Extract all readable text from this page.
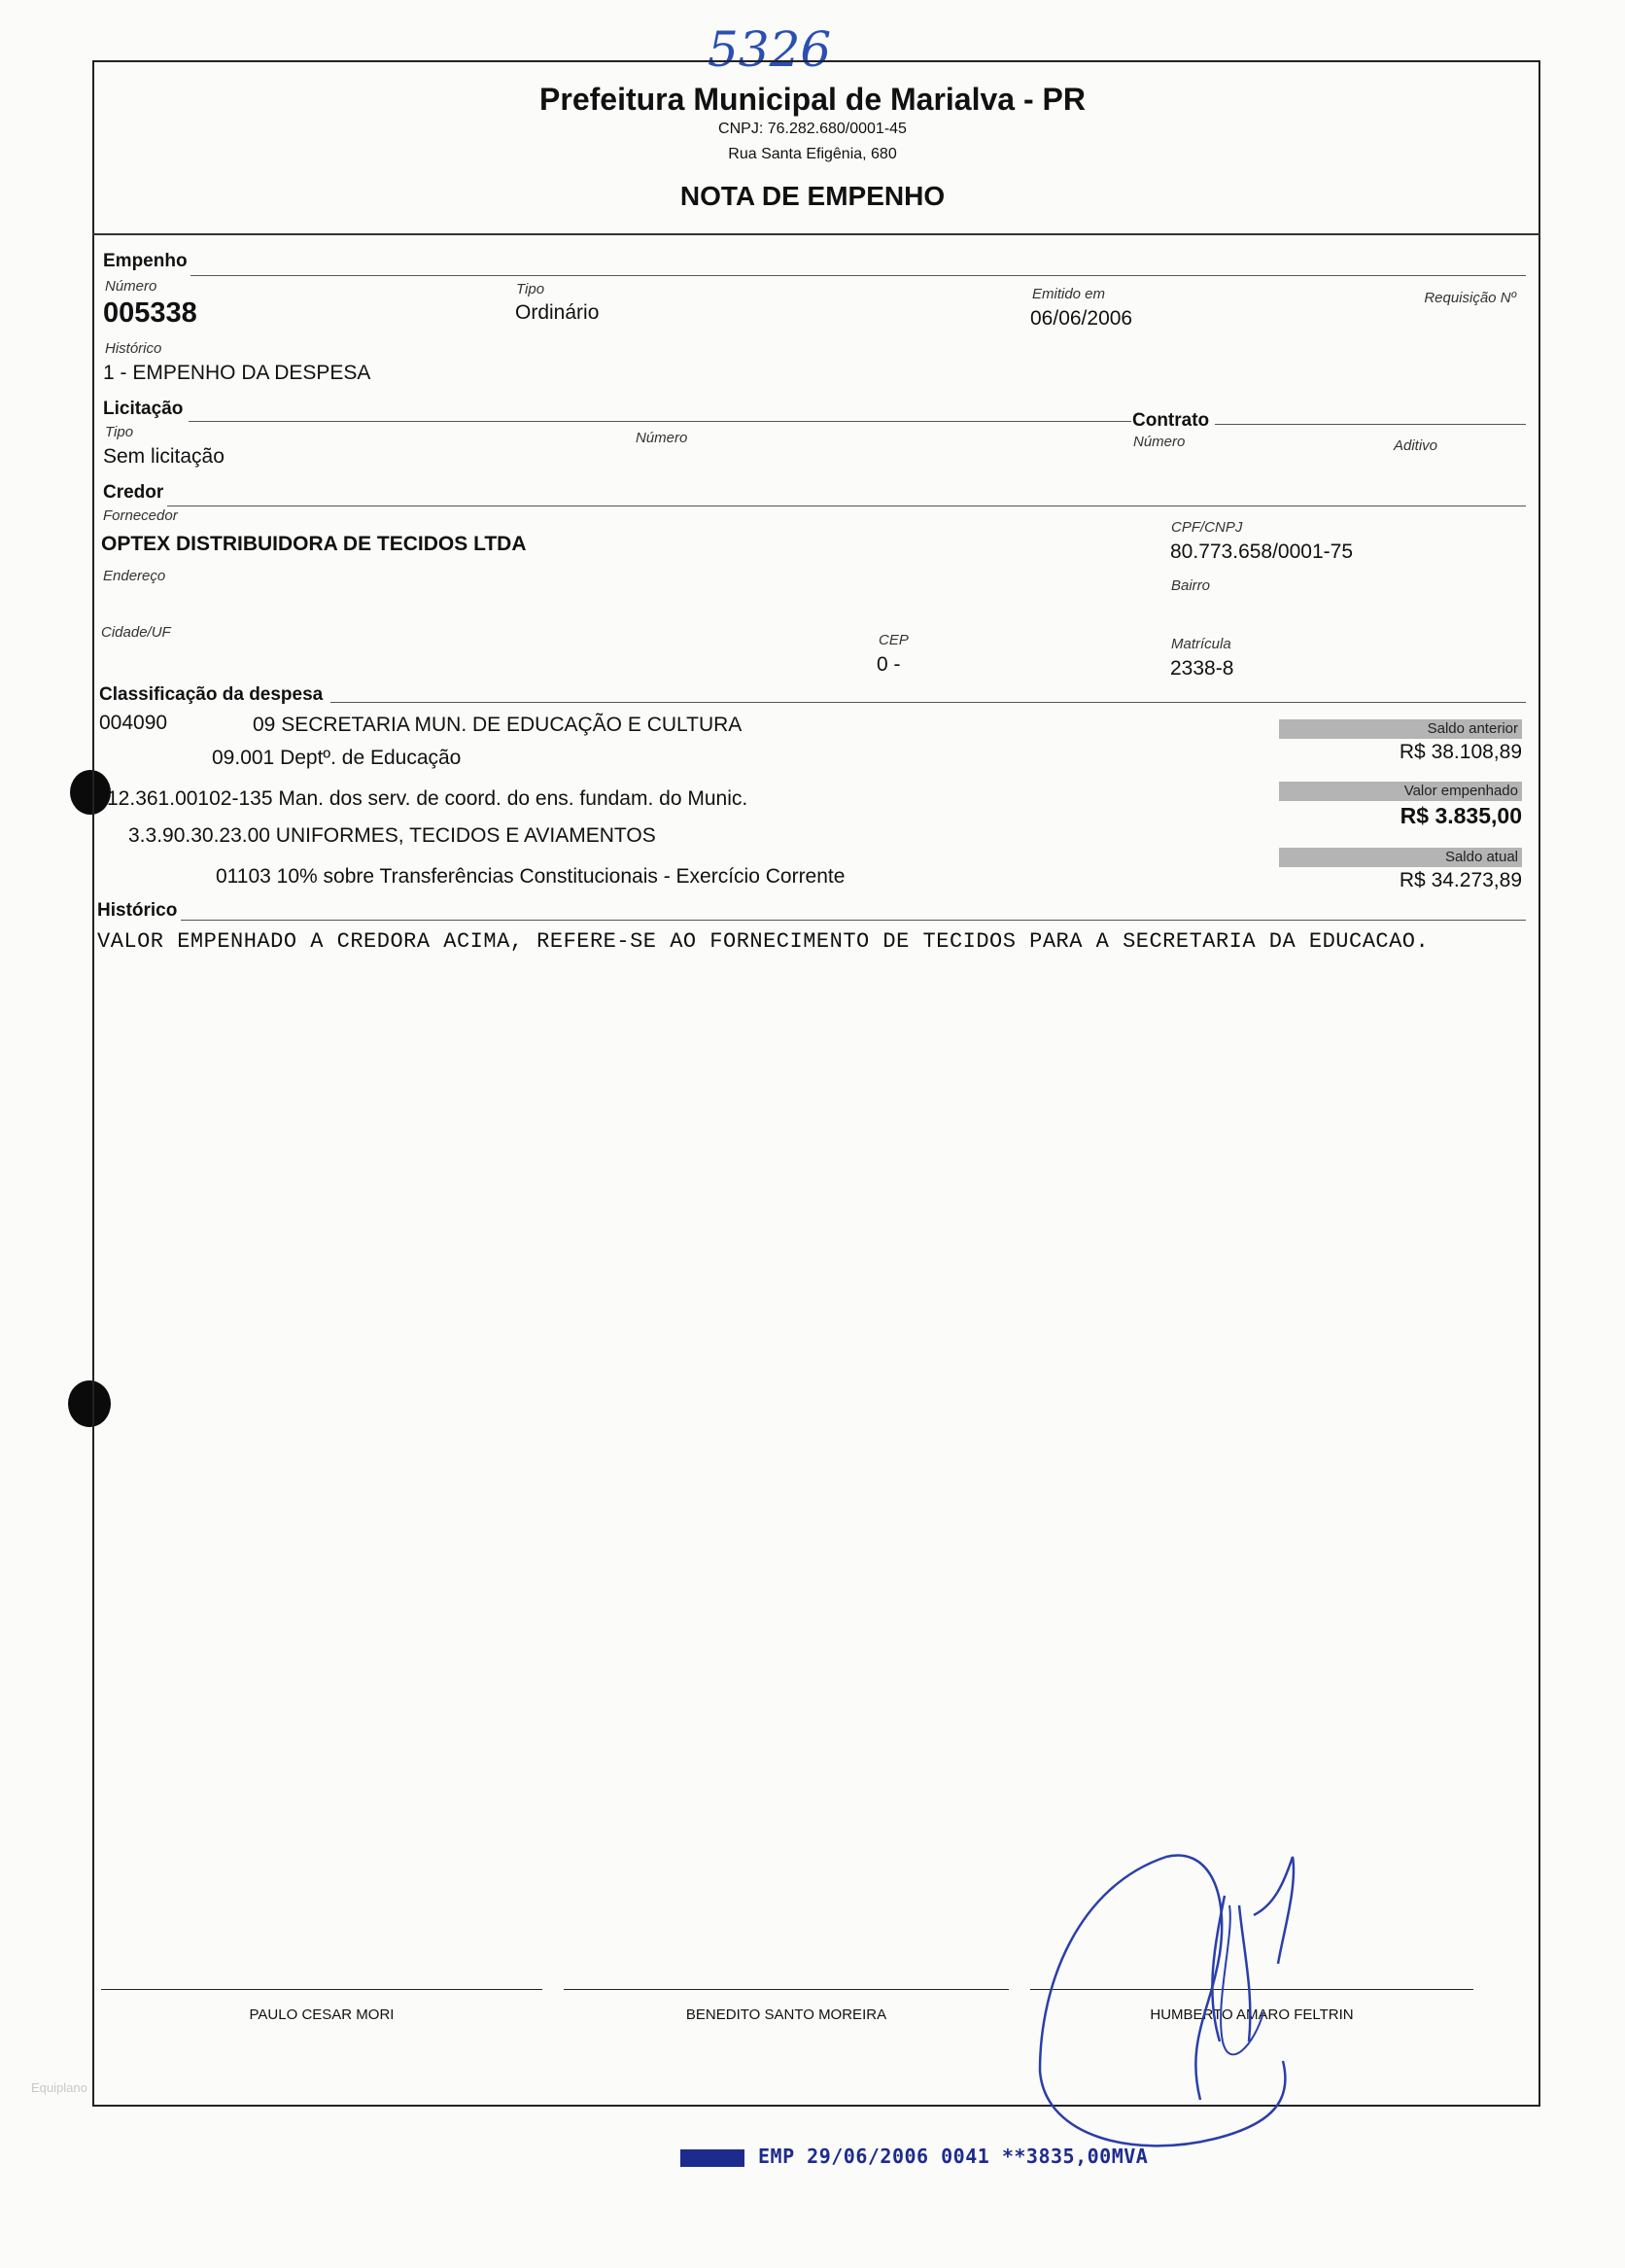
5326
Prefeitura Municipal de Marialva - PR
CNPJ: 76.282.680/0001-45
Rua Santa Efigênia, 680
NOTA DE EMPENHO
Empenho
Número
005338
Tipo
Ordinário
Emitido em
06/06/2006
Requisição Nº
Histórico
1 - EMPENHO DA DESPESA
Licitação
Tipo
Sem licitação
Número
Contrato
Número	Aditivo
Credor
Fornecedor
OPTEX DISTRIBUIDORA DE TECIDOS LTDA
CPF/CNPJ
80.773.658/0001-75
Endereço
Bairro
Cidade/UF	CEP
0 -
Matrícula
2338-8
Classificação da despesa
004090	09 SECRETARIA MUN. DE EDUCAÇÃO E CULTURA
09.001 Deptº. de Educação
12.361.00102-135 Man. dos serv. de coord. do ens. fundam. do Munic.
3.3.90.30.23.00 UNIFORMES, TECIDOS E AVIAMENTOS
01103 10% sobre Transferências Constitucionais - Exercício Corrente
Saldo anterior
R$ 38.108,89
Valor empenhado
R$ 3.835,00
Saldo atual
R$ 34.273,89
Histórico
VALOR EMPENHADO A CREDORA ACIMA, REFERE-SE AO FORNECIMENTO DE TECIDOS PARA A SECRETARIA DA EDUCACAO.
PAULO CESAR MORI	BENEDITO SANTO MOREIRA	HUMBERTO AMARO FELTRIN
EMP 29/06/2006 0041 **3835,00MVA
Equiplano
